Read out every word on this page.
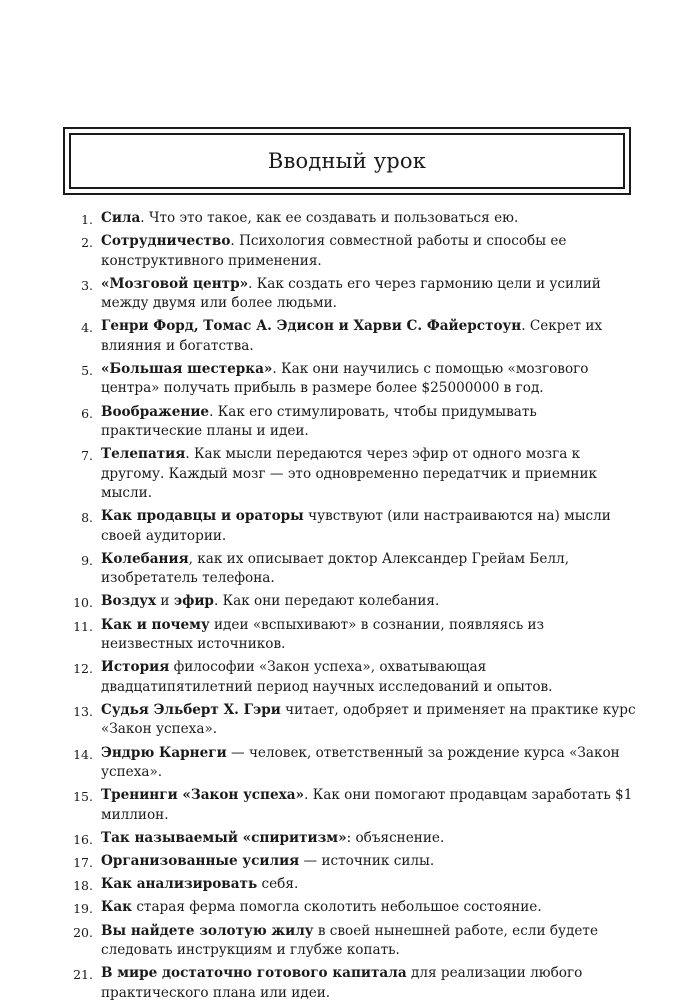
Вводный урок
1. Сила. Что это такое, как ее создавать и пользоваться ею.
2. Сотрудничество. Психология совместной работы и способы ее конструктивного применения.
3. «Мозговой центр». Как создать его через гармонию цели и усилий между двумя или более людьми.
4. Генри Форд, Томас А. Эдисон и Харви С. Файерстоун. Секрет их влияния и богатства.
5. «Большая шестерка». Как они научились с помощью «мозгового центра» получать прибыль в размере более $25000000 в год.
6. Воображение. Как его стимулировать, чтобы придумывать практические планы и идеи.
7. Телепатия. Как мысли передаются через эфир от одного мозга к другому. Каждый мозг — это одновременно передатчик и приемник мысли.
8. Как продавцы и ораторы чувствуют (или настраиваются на) мысли своей аудитории.
9. Колебания, как их описывает доктор Александер Грейам Белл, изобретатель телефона.
10. Воздух и эфир. Как они передают колебания.
11. Как и почему идеи «вспыхивают» в сознании, появляясь из неизвестных источников.
12. История философии «Закон успеха», охватывающая двадцатипятилетний период научных исследований и опытов.
13. Судья Эльберт Х. Гэри читает, одобряет и применяет на практике курс «Закон успеха».
14. Эндрю Карнеги — человек, ответственный за рождение курса «Закон успеха».
15. Тренинги «Закон успеха». Как они помогают продавцам заработать $1 миллион.
16. Так называемый «спиритизм»: объяснение.
17. Организованные усилия — источник силы.
18. Как анализировать себя.
19. Как старая ферма помогла сколотить небольшое состояние.
20. Вы найдете золотую жилу в своей нынешней работе, если будете следовать инструкциям и глубже копать.
21. В мире достаточно готового капитала для реализации любого практического плана или идеи.
